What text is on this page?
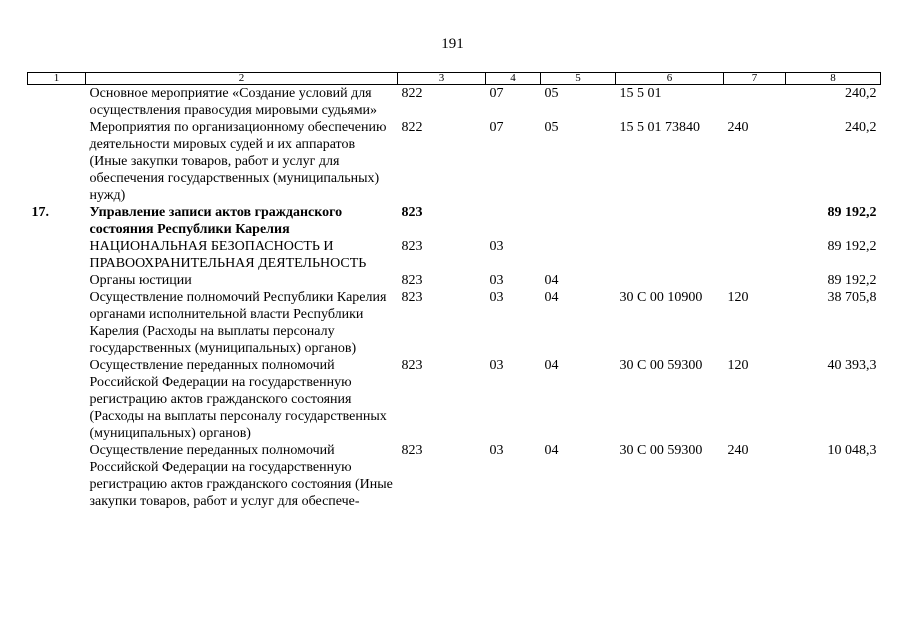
191
1	2	3	4	5	6	7	8
	Основное мероприятие «Создание условий для осуществления правосудия мировыми судьями»	822	07	05	15 5 01		240,2
	Мероприятия по организационному обеспечению деятельности мировых судей и их аппаратов (Иные закупки товаров, работ и услуг для обеспечения государственных (муниципальных) нужд)	822	07	05	15 5 01 73840	240	240,2
17.	Управление записи актов гражданского состояния Республики Карелия	823					89 192,2
	НАЦИОНАЛЬНАЯ БЕЗОПАСНОСТЬ И ПРАВООХРАНИТЕЛЬНАЯ ДЕЯТЕЛЬНОСТЬ	823	03				89 192,2
	Органы юстиции	823	03	04			89 192,2
	Осуществление полномочий Республики Карелия органами исполнительной власти Республики Карелия (Расходы на выплаты персоналу государственных (муниципальных) органов)	823	03	04	30 С 00 10900	120	38 705,8
	Осуществление переданных полномочий Российской Федерации на государственную регистрацию актов гражданского состояния (Расходы на выплаты персоналу государственных (муниципальных) органов)	823	03	04	30 С 00 59300	120	40 393,3
	Осуществление переданных полномочий Российской Федерации на государственную регистрацию актов гражданского состояния (Иные закупки товаров, работ и услуг для обеспече-	823	03	04	30 С 00 59300	240	10 048,3
